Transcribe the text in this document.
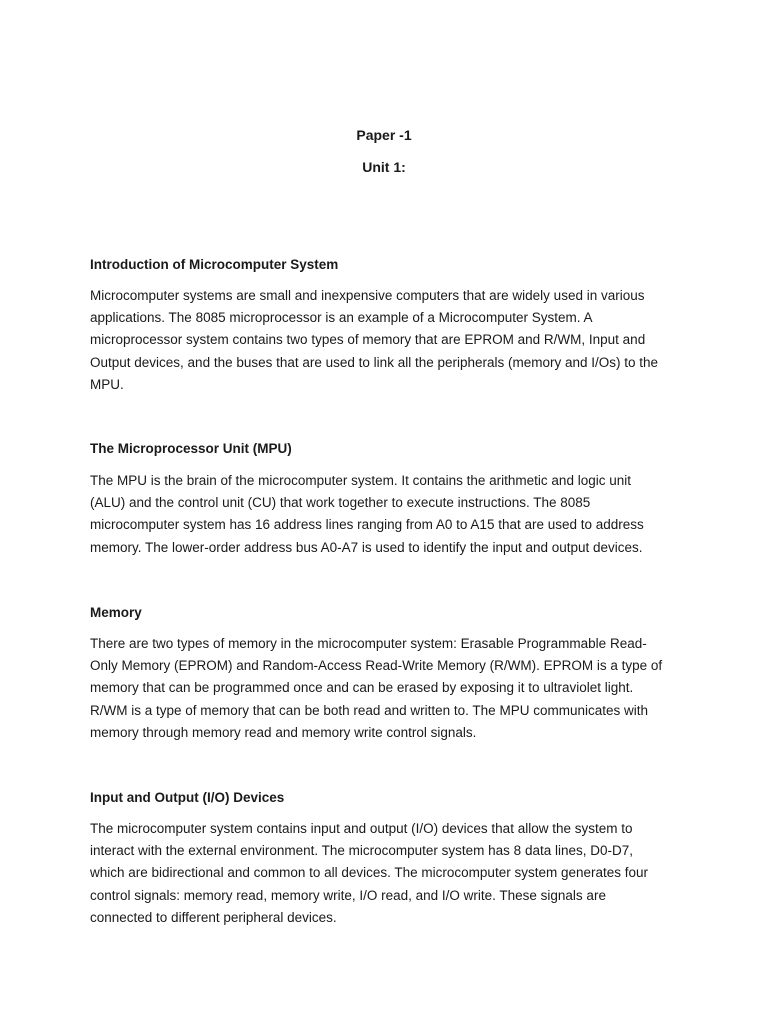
Paper -1
Unit 1:
Introduction of Microcomputer System

Microcomputer systems are small and inexpensive computers that are widely used in various
applications. The 8085 microprocessor is an example of a Microcomputer System. A
microprocessor system contains two types of memory that are EPROM and R/WM, Input and
Output devices, and the buses that are used to link all the peripherals (memory and I/Os) to the
MPU.

The Microprocessor Unit (MPU)

The MPU is the brain of the microcomputer system. It contains the arithmetic and logic unit
(ALU) and the control unit (CU) that work together to execute instructions. The 8085
microcomputer system has 16 address lines ranging from A0 to A15 that are used to address
memory. The lower-order address bus A0-A7 is used to identify the input and output devices.

Memory

There are two types of memory in the microcomputer system: Erasable Programmable Read-
Only Memory (EPROM) and Random-Access Read-Write Memory (R/WM). EPROM is a type of
memory that can be programmed once and can be erased by exposing it to ultraviolet light.
R/WM is a type of memory that can be both read and written to. The MPU communicates with
memory through memory read and memory write control signals.

Input and Output (I/O) Devices

The microcomputer system contains input and output (I/O) devices that allow the system to
interact with the external environment. The microcomputer system has 8 data lines, D0-D7,
which are bidirectional and common to all devices. The microcomputer system generates four
control signals: memory read, memory write, I/O read, and I/O write. These signals are
connected to different peripheral devices.
